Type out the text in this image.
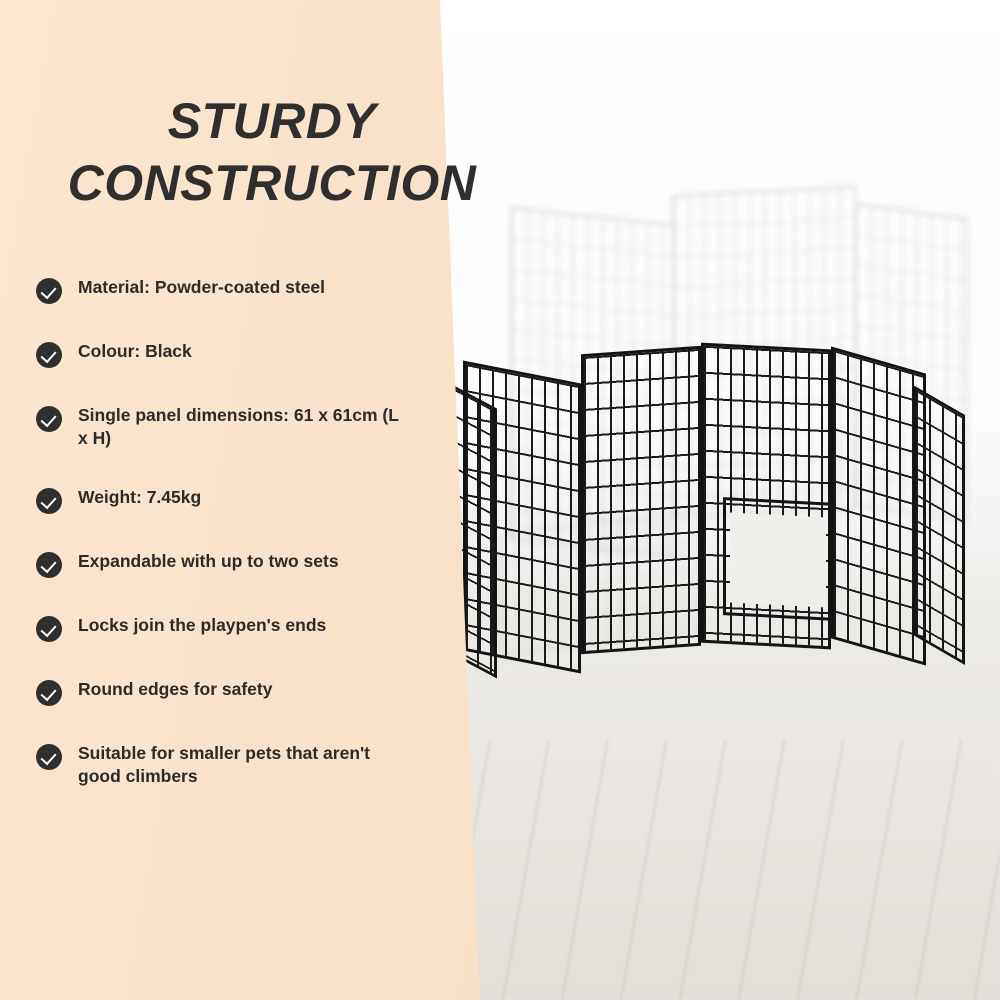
STURDY
CONSTRUCTION
Material: Powder-coated steel
Colour: Black
Single panel dimensions: 61 x 61cm (L x H)
Weight: 7.45kg
Expandable with up to two sets
Locks join the playpen's ends
Round edges for safety
Suitable for smaller pets that aren't good climbers
